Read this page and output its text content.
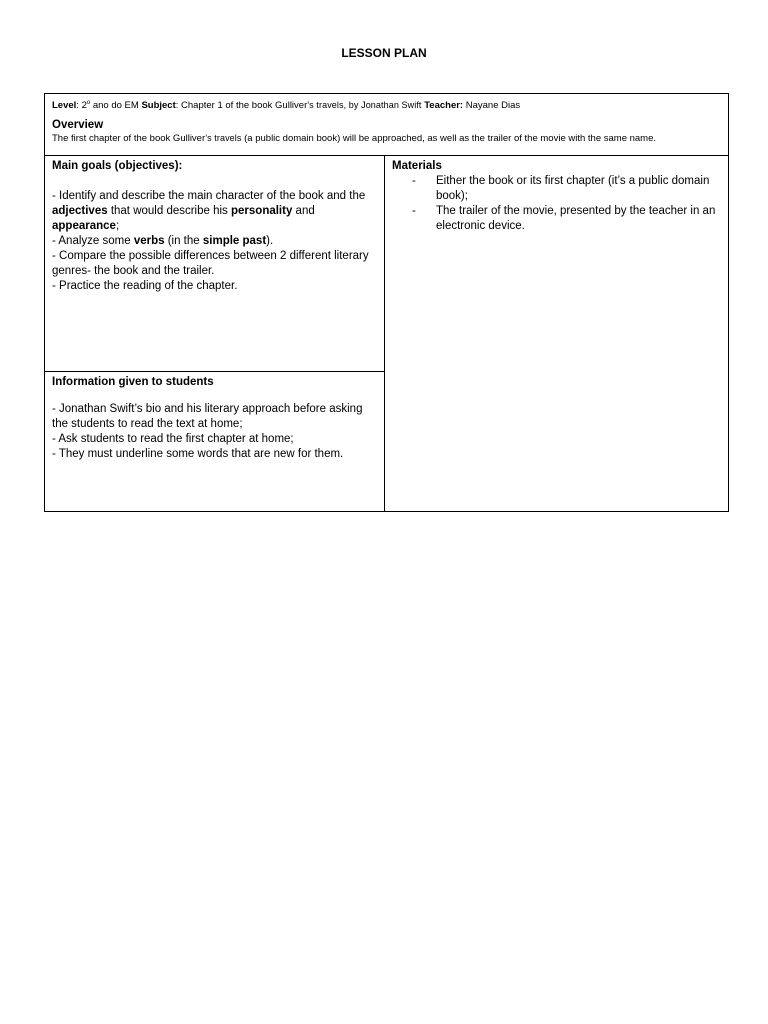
LESSON PLAN
Level: 2$^o$ ano do EM Subject: Chapter 1 of the book Gulliver’s travels, by Jonathan Swift Teacher: Nayane Dias
Overview
The first chapter of the book Gulliver’s travels (a public domain book) will be approached, as well as the trailer of the movie with the same name.
Main goals (objectives):

- Identify and describe the main character of the book and the adjectives that would describe his personality and appearance;

- Analyze some verbs (in the simple past).

- Compare the possible differences between 2 different literary genres- the book and the trailer.

- Practice the reading of the chapter.

Materials
- Either the book or its first chapter (it’s a public domain book);
- The trailer of the movie, presented by the teacher in an electronic device.
Information given to students

- Jonathan Swift’s bio and his literary approach before asking the students to read the text at home;

- Ask students to read the first chapter at home;

- They must underline some words that are new for them.
